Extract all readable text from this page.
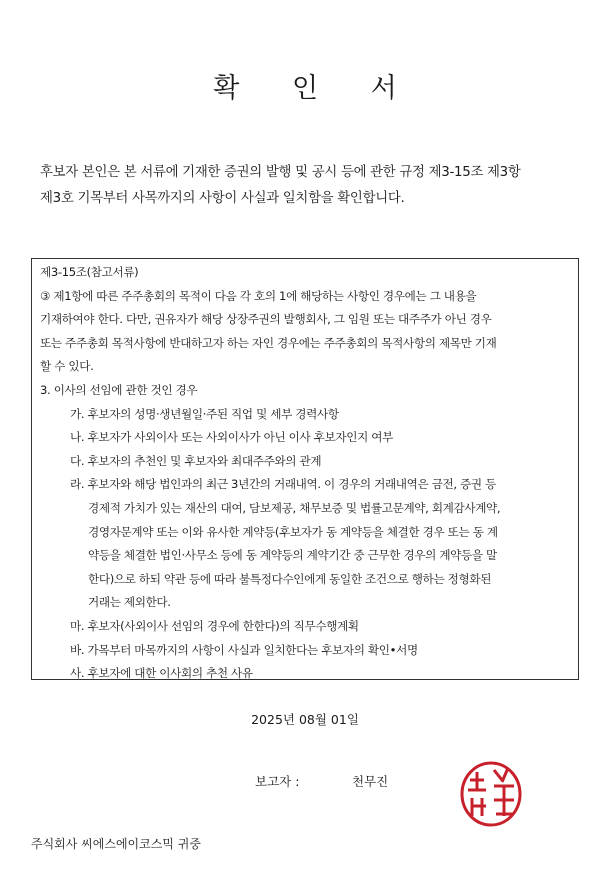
확 인 서
후보자 본인은 본 서류에 기재한 증권의 발행 및 공시 등에 관한 규정 제3-15조 제3항
제3호 기목부터 사목까지의 사항이 사실과 일치함을 확인합니다.

제3-15조(참고서류)

③ 제1항에 따른 주주총회의 목적이 다음 각 호의 1에 해당하는 사항인 경우에는 그 내용을

기재하여야 한다. 다만, 권유자가 해당 상장주권의 발행회사, 그 임원 또는 대주주가 아닌 경우

또는 주주총회 목적사항에 반대하고자 하는 자인 경우에는 주주총회의 목적사항의 제목만 기재

할 수 있다.

3. 이사의 선임에 관한 것인 경우

가. 후보자의 성명·생년월일·주된 직업 및 세부 경력사항

나. 후보자가 사외이사 또는 사외이사가 아닌 이사 후보자인지 여부

다. 후보자의 추천인 및 후보자와 최대주주와의 관계

라. 후보자와 해당 법인과의 최근 3년간의 거래내역. 이 경우의 거래내역은 금전, 증권 등

경제적 가치가 있는 재산의 대여, 담보제공, 채무보증 및 법률고문계약, 회계감사계약,

경영자문계약 또는 이와 유사한 계약등(후보자가 동 계약등을 체결한 경우 또는 동 계

약등을 체결한 법인·사무소 등에 동 계약등의 계약기간 중 근무한 경우의 계약등을 말

한다)으로 하되 약관 등에 따라 불특정다수인에게 동일한 조건으로 행하는 정형화된

거래는 제외한다.

마. 후보자(사외이사 선임의 경우에 한한다)의 직무수행계획

바. 가목부터 마목까지의 사항이 사실과 일치한다는 후보자의 확인•서명

사. 후보자에 대한 이사회의 추천 사유

2025년 08월 01일
보고자 :	천무진
주식회사 씨에스에이코스믹 귀중
